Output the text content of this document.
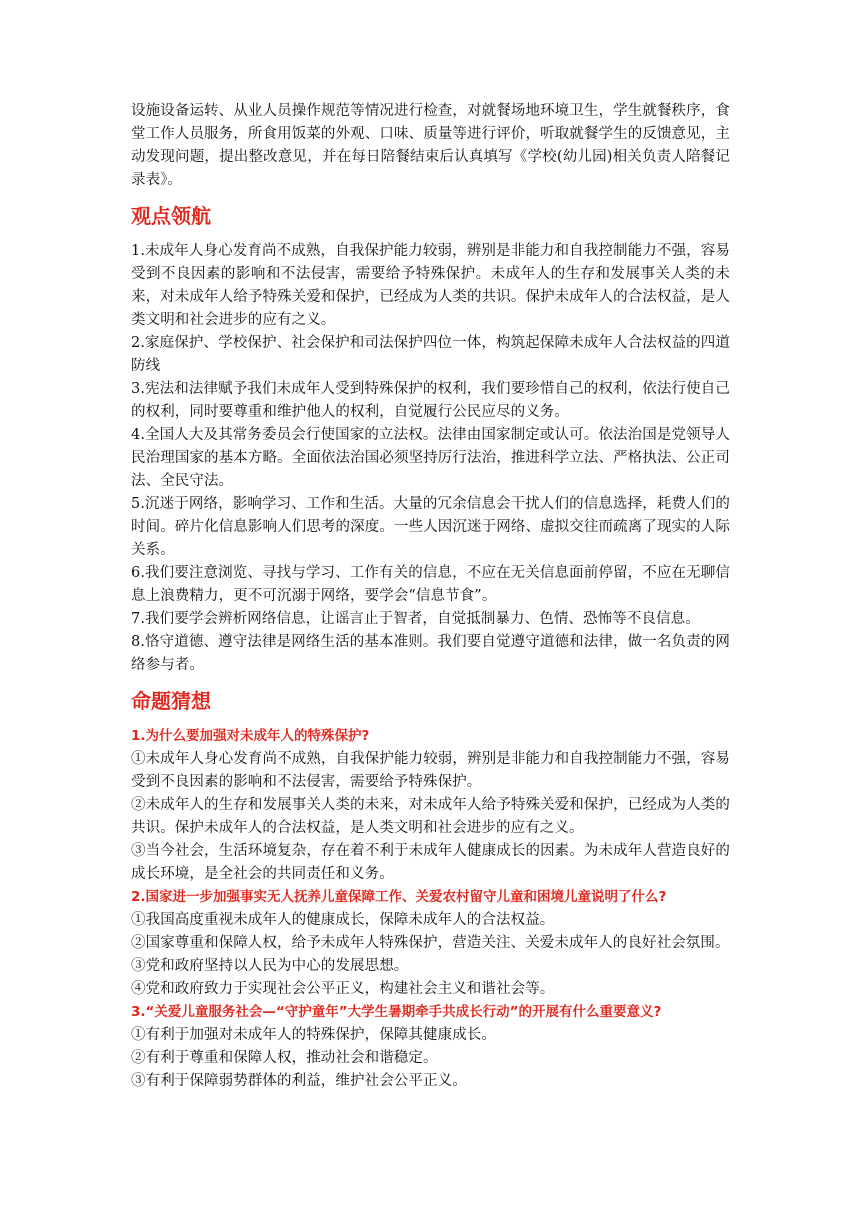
设施设备运转、从业人员操作规范等情况进行检查，对就餐场地环境卫生，学生就餐秩序，食堂工作人员服务，所食用饭菜的外观、口味、质量等进行评价，听取就餐学生的反馈意见，主动发现问题，提出整改意见，并在每日陪餐结束后认真填写《学校(幼儿园)相关负责人陪餐记录表》。

观点领航

1.未成年人身心发育尚不成熟，自我保护能力较弱，辨别是非能力和自我控制能力不强，容易受到不良因素的影响和不法侵害，需要给予特殊保护。未成年人的生存和发展事关人类的未来，对未成年人给予特殊关爱和保护，已经成为人类的共识。保护未成年人的合法权益，是人类文明和社会进步的应有之义。

2.家庭保护、学校保护、社会保护和司法保护四位一体，构筑起保障未成年人合法权益的四道防线

3.宪法和法律赋予我们未成年人受到特殊保护的权利，我们要珍惜自己的权利，依法行使自己的权利，同时要尊重和维护他人的权利，自觉履行公民应尽的义务。

4.全国人大及其常务委员会行使国家的立法权。法律由国家制定或认可。依法治国是党领导人民治理国家的基本方略。全面依法治国必须坚持厉行法治，推进科学立法、严格执法、公正司法、全民守法。

5.沉迷于网络，影响学习、工作和生活。大量的冗余信息会干扰人们的信息选择，耗费人们的时间。碎片化信息影响人们思考的深度。一些人因沉迷于网络、虚拟交往而疏离了现实的人际关系。

6.我们要注意浏览、寻找与学习、工作有关的信息，不应在无关信息面前停留，不应在无聊信息上浪费精力，更不可沉溺于网络，要学会“信息节食”。

7.我们要学会辨析网络信息，让谣言止于智者，自觉抵制暴力、色情、恐怖等不良信息。

8.恪守道德、遵守法律是网络生活的基本准则。我们要自觉遵守道德和法律，做一名负责的网络参与者。

命题猜想
1.为什么要加强对未成年人的特殊保护?

①未成年人身心发育尚不成熟，自我保护能力较弱，辨别是非能力和自我控制能力不强，容易受到不良因素的影响和不法侵害，需要给予特殊保护。

②未成年人的生存和发展事关人类的未来，对未成年人给予特殊关爱和保护，已经成为人类的共识。保护未成年人的合法权益，是人类文明和社会进步的应有之义。

③当今社会，生活环境复杂，存在着不利于未成年人健康成长的因素。为未成年人营造良好的成长环境，是全社会的共同责任和义务。

2.国家进一步加强事实无人抚养儿童保障工作、关爱农村留守儿童和困境儿童说明了什么?

①我国高度重视未成年人的健康成长，保障未成年人的合法权益。

②国家尊重和保障人权，给予未成年人特殊保护，营造关注、关爱未成年人的良好社会氛围。

③党和政府坚持以人民为中心的发展思想。

④党和政府致力于实现社会公平正义，构建社会主义和谐社会等。

3.“关爱儿童服务社会—“守护童年”大学生暑期牵手共成长行动”的开展有什么重要意义?

①有利于加强对未成年人的特殊保护，保障其健康成长。

②有利于尊重和保障人权，推动社会和谐稳定。

③有利于保障弱势群体的利益，维护社会公平正义。
